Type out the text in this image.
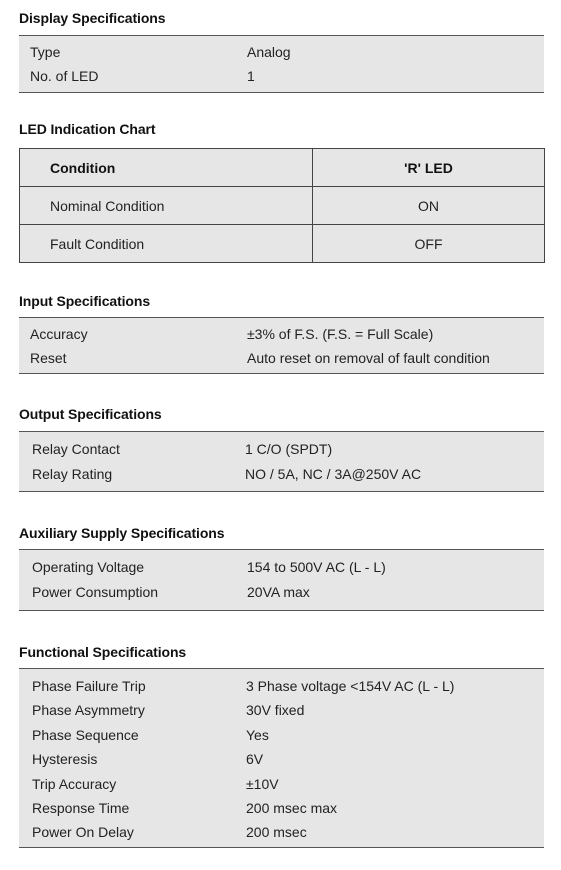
Display Specifications
Type	Analog
No. of LED	1
LED Indication Chart
Condition	'R' LED
Nominal Condition	ON
Fault Condition	OFF
Input Specifications
Accuracy	±3% of F.S. (F.S. = Full Scale)
Reset	Auto reset on removal of fault condition
Output Specifications
Relay Contact	1 C/O (SPDT)
Relay Rating	NO / 5A, NC / 3A@250V AC
Auxiliary Supply Specifications
Operating Voltage	154 to 500V AC (L - L)
Power Consumption	20VA max
Functional Specifications
Phase Failure Trip	3 Phase voltage <154V AC (L - L)
Phase Asymmetry	30V fixed
Phase Sequence	Yes
Hysteresis	6V
Trip Accuracy	±10V
Response Time	200 msec max
Power On Delay	200 msec
